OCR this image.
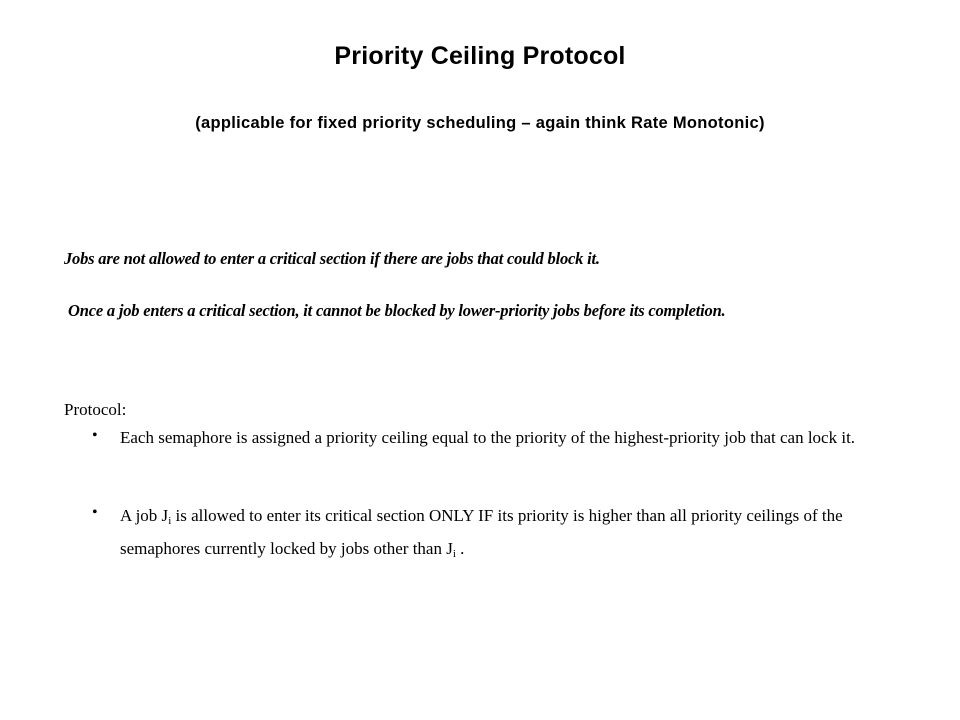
Priority Ceiling Protocol
(applicable for fixed priority scheduling – again think Rate Monotonic)
Jobs are not allowed to enter a critical section if there are jobs that could block it.
Once a job enters a critical section, it cannot be blocked by lower-priority jobs before its completion.
Protocol:
• Each semaphore is assigned a priority ceiling equal to the priority of the highest-priority job that can lock it.
• A job $J_i$ is allowed to enter its critical section ONLY IF its priority is higher than all priority ceilings of the semaphores currently locked by jobs other than $J_i$ .
